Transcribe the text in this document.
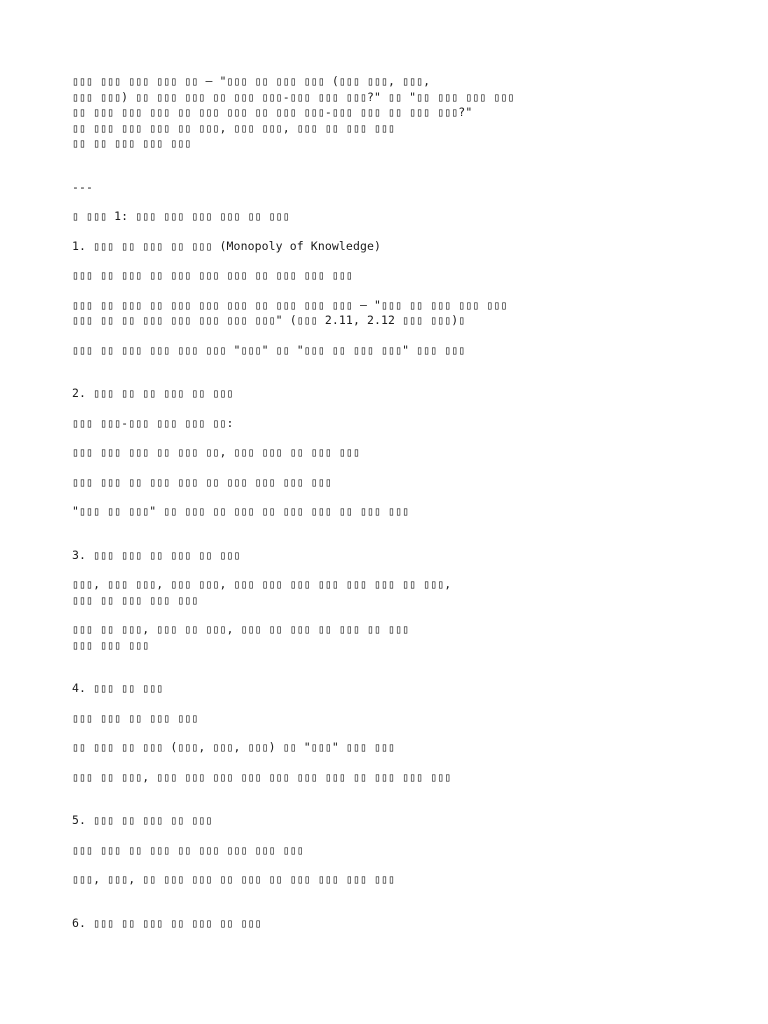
▯▯▯ ▯▯▯ ▯▯▯ ▯▯▯ ▯▯ – "▯▯▯ ▯▯ ▯▯▯ ▯▯▯ (▯▯▯ ▯▯▯, ▯▯▯,
▯▯▯ ▯▯▯) ▯▯ ▯▯▯ ▯▯▯ ▯▯ ▯▯▯ ▯▯▯-▯▯▯ ▯▯▯ ▯▯▯?" ▯▯ "▯▯ ▯▯▯ ▯▯▯ ▯▯▯
▯▯ ▯▯▯ ▯▯▯ ▯▯▯ ▯▯ ▯▯▯ ▯▯▯ ▯▯ ▯▯▯ ▯▯▯-▯▯▯ ▯▯▯ ▯▯ ▯▯▯ ▯▯▯?"
▯▯ ▯▯▯ ▯▯▯ ▯▯▯ ▯▯ ▯▯▯, ▯▯▯ ▯▯▯, ▯▯▯ ▯▯ ▯▯▯ ▯▯▯
▯▯ ▯▯ ▯▯▯ ▯▯▯ ▯▯▯
---
▯ ▯▯▯ 1: ▯▯▯ ▯▯▯ ▯▯▯ ▯▯▯ ▯▯ ▯▯▯
1. ▯▯▯ ▯▯ ▯▯▯ ▯▯ ▯▯▯ (Monopoly of Knowledge)
▯▯▯ ▯▯ ▯▯▯ ▯▯ ▯▯▯ ▯▯▯ ▯▯▯ ▯▯ ▯▯▯ ▯▯▯ ▯▯▯
▯▯▯ ▯▯ ▯▯▯ ▯▯ ▯▯▯ ▯▯▯ ▯▯▯ ▯▯ ▯▯▯ ▯▯▯ ▯▯▯ – "▯▯▯ ▯▯ ▯▯▯ ▯▯▯ ▯▯▯
▯▯▯ ▯▯ ▯▯ ▯▯▯ ▯▯▯ ▯▯▯ ▯▯▯ ▯▯▯" (▯▯▯ 2.11, 2.12 ▯▯▯ ▯▯▯)▯
▯▯▯ ▯▯ ▯▯▯ ▯▯▯ ▯▯▯ ▯▯▯ "▯▯▯" ▯▯ "▯▯▯ ▯▯ ▯▯▯ ▯▯▯" ▯▯▯ ▯▯▯
2. ▯▯▯ ▯▯ ▯▯ ▯▯▯ ▯▯ ▯▯▯
▯▯▯ ▯▯▯-▯▯▯ ▯▯▯ ▯▯▯ ▯▯:
▯▯▯ ▯▯▯ ▯▯▯ ▯▯ ▯▯▯ ▯▯, ▯▯▯ ▯▯▯ ▯▯ ▯▯▯ ▯▯▯
▯▯▯ ▯▯▯ ▯▯ ▯▯▯ ▯▯▯ ▯▯ ▯▯▯ ▯▯▯ ▯▯▯ ▯▯▯
"▯▯▯ ▯▯ ▯▯▯" ▯▯ ▯▯▯ ▯▯ ▯▯▯ ▯▯ ▯▯▯ ▯▯▯ ▯▯ ▯▯▯ ▯▯▯
3. ▯▯▯ ▯▯▯ ▯▯ ▯▯▯ ▯▯ ▯▯▯
▯▯▯, ▯▯▯ ▯▯▯, ▯▯▯ ▯▯▯, ▯▯▯ ▯▯▯ ▯▯▯ ▯▯▯ ▯▯▯ ▯▯▯ ▯▯ ▯▯▯,
▯▯▯ ▯▯ ▯▯▯ ▯▯▯ ▯▯▯
▯▯▯ ▯▯ ▯▯▯, ▯▯▯ ▯▯ ▯▯▯, ▯▯▯ ▯▯ ▯▯▯ ▯▯ ▯▯▯ ▯▯ ▯▯▯
▯▯▯ ▯▯▯ ▯▯▯
4. ▯▯▯ ▯▯ ▯▯▯
▯▯▯ ▯▯▯ ▯▯ ▯▯▯ ▯▯▯
▯▯ ▯▯▯ ▯▯ ▯▯▯ (▯▯▯, ▯▯▯, ▯▯▯) ▯▯ "▯▯▯" ▯▯▯ ▯▯▯
▯▯▯ ▯▯ ▯▯▯, ▯▯▯ ▯▯▯ ▯▯▯ ▯▯▯ ▯▯▯ ▯▯▯ ▯▯▯ ▯▯ ▯▯▯ ▯▯▯ ▯▯▯
5. ▯▯▯ ▯▯ ▯▯▯ ▯▯ ▯▯▯
▯▯▯ ▯▯▯ ▯▯ ▯▯▯ ▯▯ ▯▯▯ ▯▯▯ ▯▯▯ ▯▯▯
▯▯▯, ▯▯▯, ▯▯ ▯▯▯ ▯▯▯ ▯▯ ▯▯▯ ▯▯ ▯▯▯ ▯▯▯ ▯▯▯ ▯▯▯
6. ▯▯▯ ▯▯ ▯▯▯ ▯▯ ▯▯▯ ▯▯ ▯▯▯
